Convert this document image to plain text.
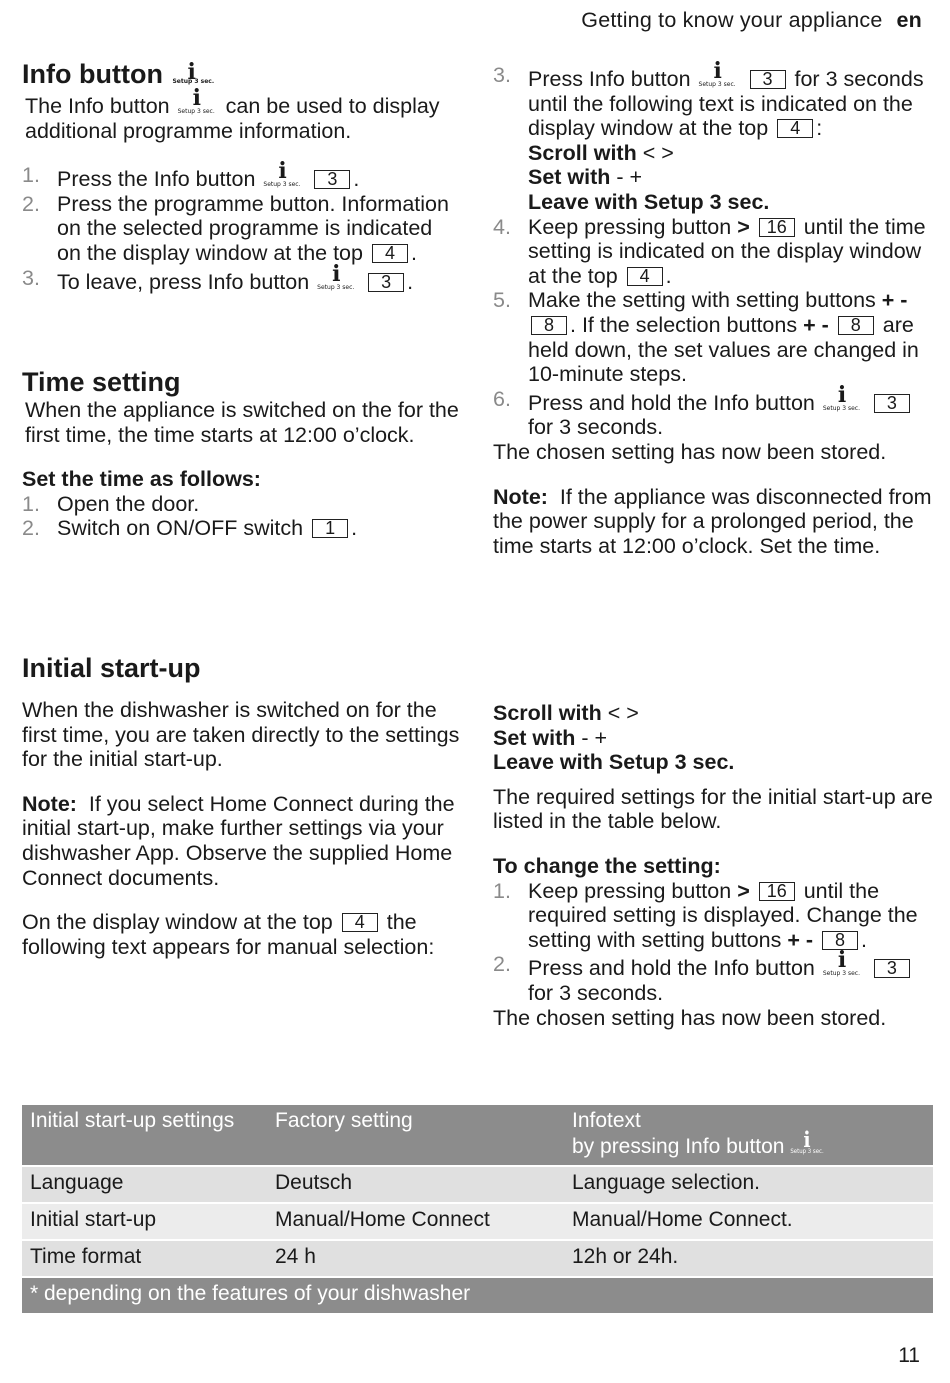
Getting to know your appliance en
Info button i
Setup 3 sec.

The Info button i
Setup 3 sec. can be used to display additional programme information.

1. Press the Info button i
Setup 3 sec. 3 .
2. Press the programme button. Information on the selected programme is indicated on the display window at the top 4 .
3. To leave, press Info button i
Setup 3 sec. 3 .
Time setting

When the appliance is switched on the for the first time, the time starts at 12:00 o’clock.

Set the time as follows:

1. Open the door.
2. Switch on ON/OFF switch 1 .
3. Press Info button i
Setup 3 sec. 3 for 3 seconds until the following text is indicated on the display window at the top 4 :
Scroll with < >
Set with - +
Leave with Setup 3 sec.
4. Keep pressing button > 16 until the time setting is indicated on the display window at the top 4 .
5. Make the setting with setting buttons + - 8 . If the selection buttons + - 8 are held down, the set values are changed in 10-minute steps.
6. Press and hold the Info button i
Setup 3 sec. 3 for 3 seconds.

The chosen setting has now been stored.

Note: If the appliance was disconnected from the power supply for a prolonged period, the time starts at 12:00 o’clock. Set the time.

Initial start-up

When the dishwasher is switched on for the first time, you are taken directly to the settings for the initial start-up.

Note: If you select Home Connect during the initial start-up, make further settings via your dishwasher App. Observe the supplied Home Connect documents.

On the display window at the top 4 the following text appears for manual selection:

Scroll with < >
Set with - +
Leave with Setup 3 sec.

The required settings for the initial start-up are listed in the table below.

To change the setting:

1. Keep pressing button > 16 until the required setting is displayed. Change the setting with setting buttons + - 8 .
2. Press and hold the Info button i
Setup 3 sec. 3 for 3 seconds.

The chosen setting has now been stored.

Initial start-up settings	Factory setting	Infotext
by pressing Info button i
Setup 3 sec.

Language	Deutsch	Language selection.
Initial start-up	Manual/Home Connect	Manual/Home Connect.
Time format	24 h	12h or 24h.
* depending on the features of your dishwasher		
11
